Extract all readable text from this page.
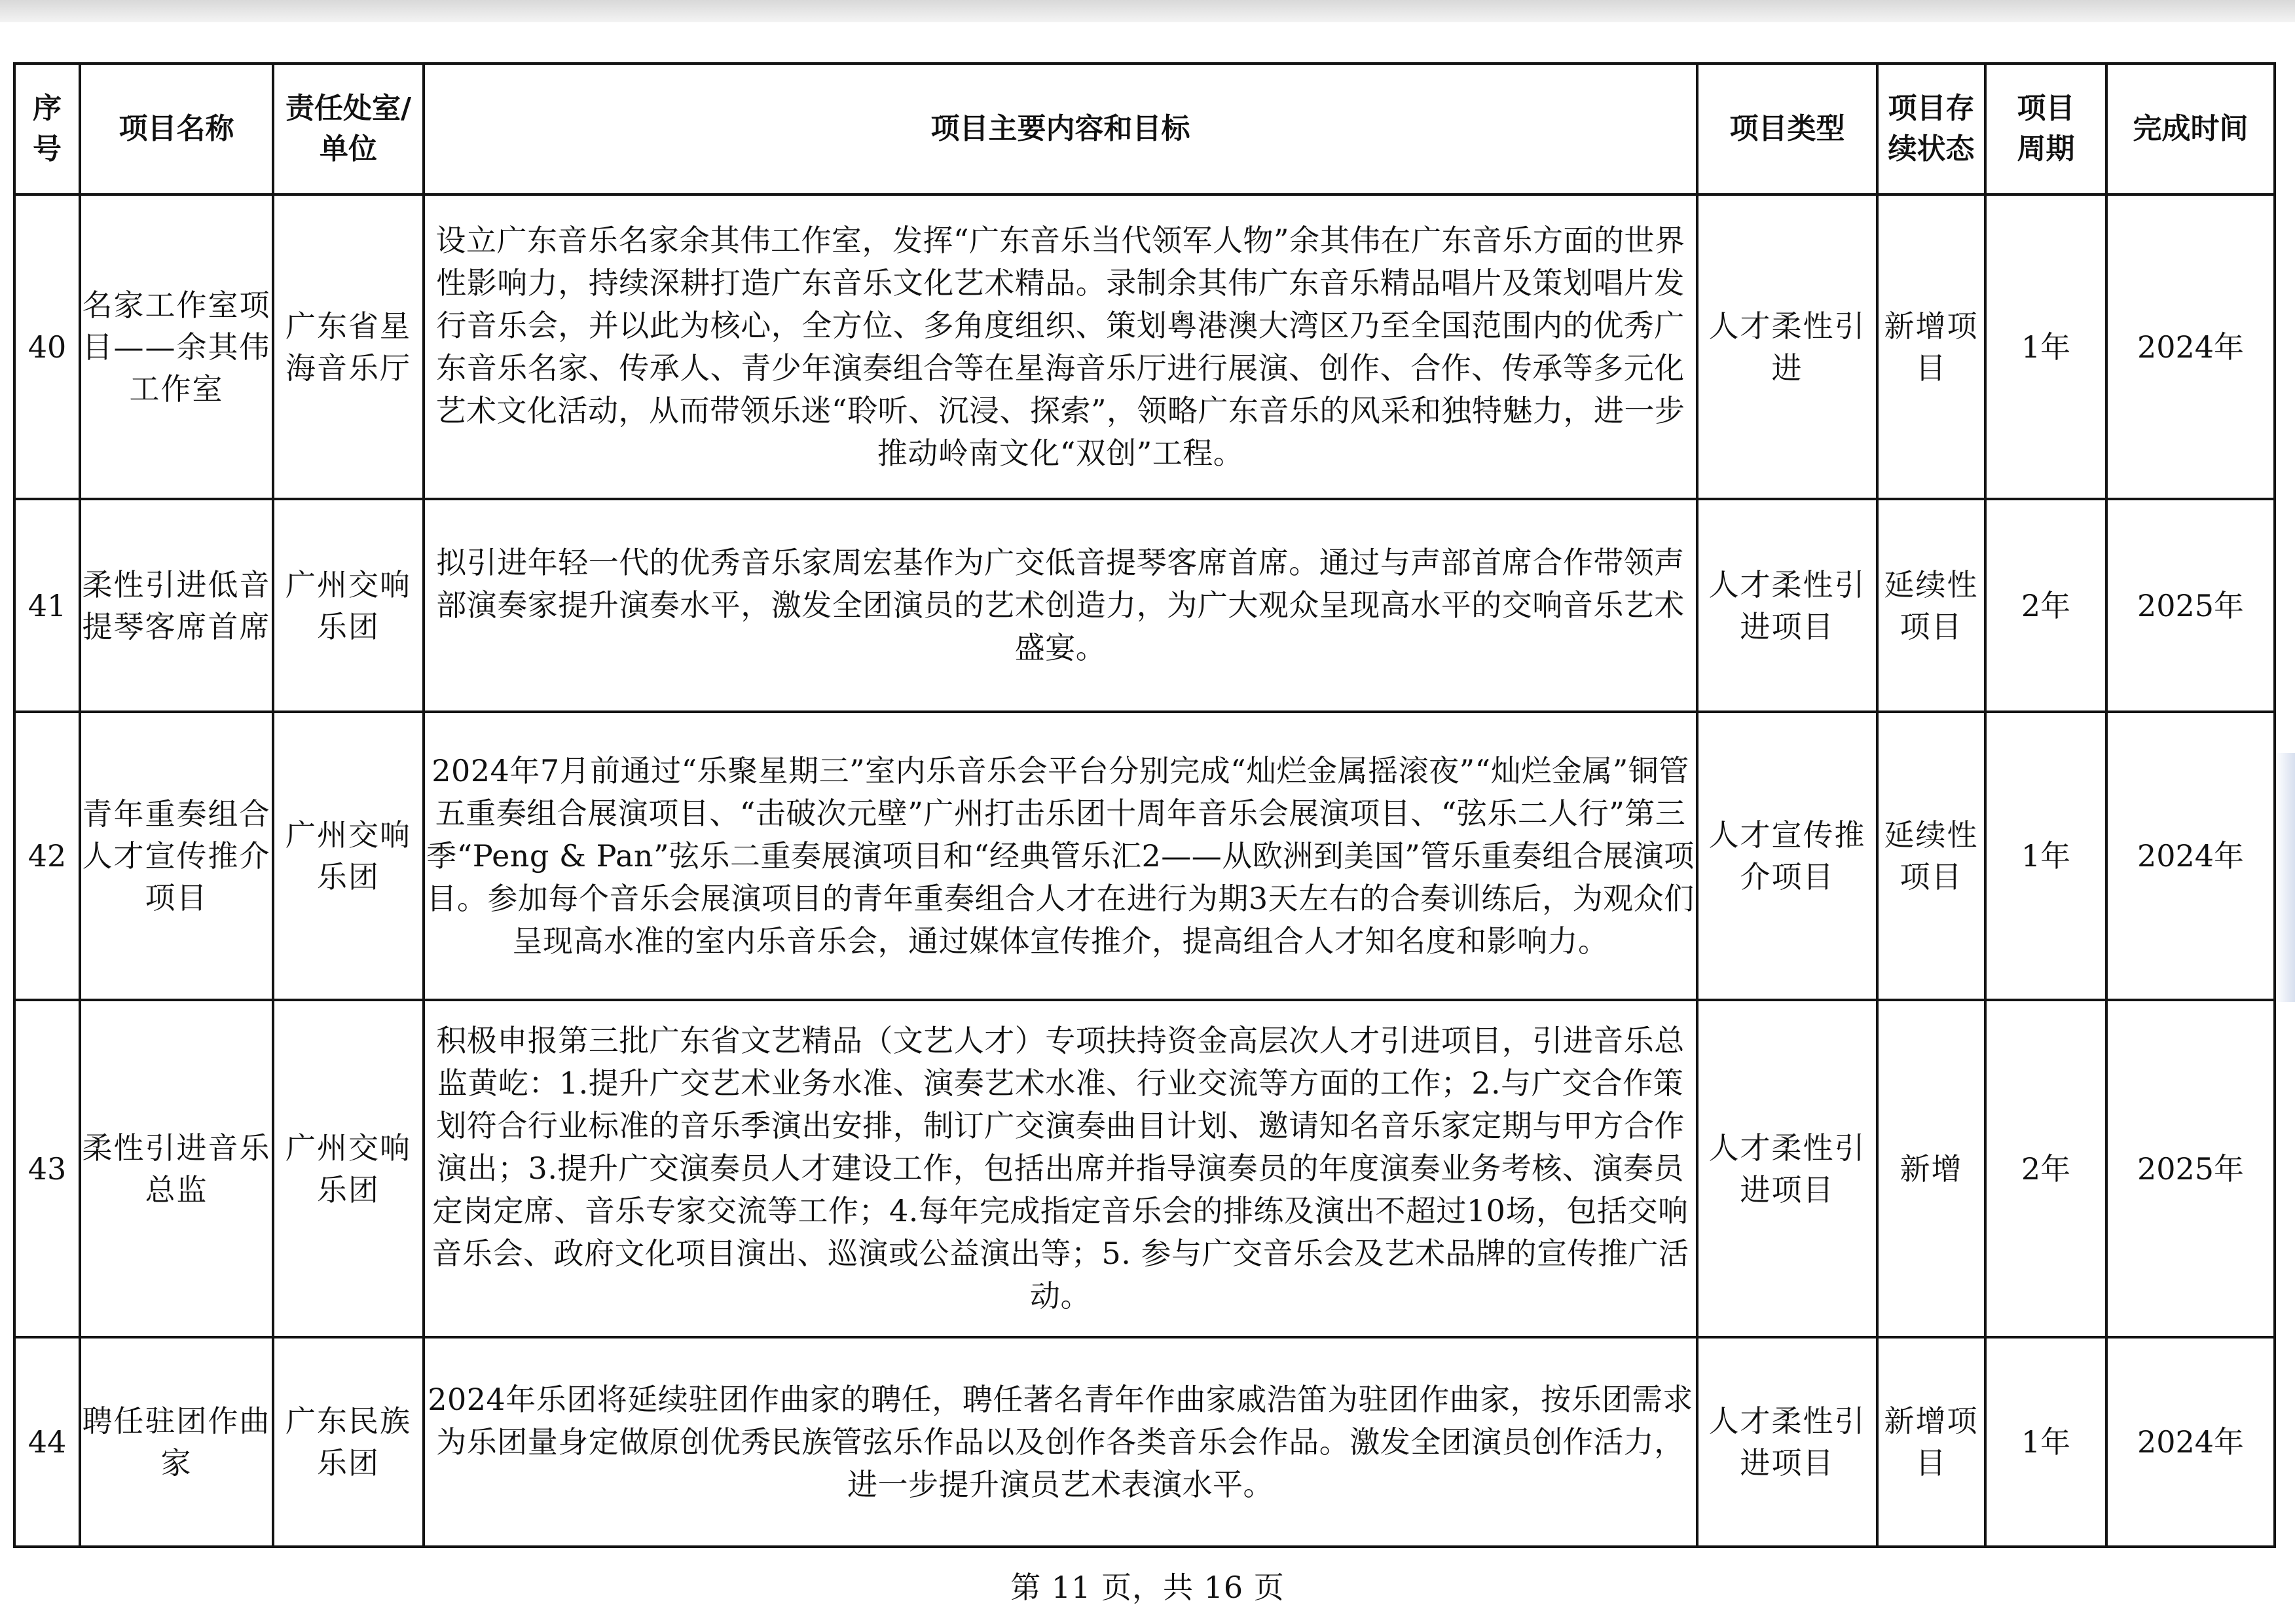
序号	项目名称	责任处室/单位	项目主要内容和目标	项目类型	项目存续状态	项目周期	完成时间
40	名家工作室项目——余其伟工作室	广东省星海音乐厅	设立广东音乐名家余其伟工作室，发挥“广东音乐当代领军人物”余其伟在广东音乐方面的世界性影响力，持续深耕打造广东音乐文化艺术精品。录制余其伟广东音乐精品唱片及策划唱片发行音乐会，并以此为核心，全方位、多角度组织、策划粤港澳大湾区乃至全国范围内的优秀广东音乐名家、传承人、青少年演奏组合等在星海音乐厅进行展演、创作、合作、传承等多元化艺术文化活动，从而带领乐迷“聆听、沉浸、探索”，领略广东音乐的风采和独特魅力，进一步推动岭南文化“双创”工程。	人才柔性引进	新增项目	1年	2024年
41	柔性引进低音提琴客席首席	广州交响乐团	拟引进年轻一代的优秀音乐家周宏基作为广交低音提琴客席首席。通过与声部首席合作带领声部演奏家提升演奏水平，激发全团演员的艺术创造力，为广大观众呈现高水平的交响音乐艺术盛宴。	人才柔性引进项目	延续性项目	2年	2025年
42	青年重奏组合人才宣传推介项目	广州交响乐团	2024年7月前通过“乐聚星期三”室内乐音乐会平台分别完成“灿烂金属摇滚夜”“灿烂金属”铜管五重奏组合展演项目、“击破次元壁”广州打击乐团十周年音乐会展演项目、“弦乐二人行”第三季“Peng & Pan”弦乐二重奏展演项目和“经典管乐汇2——从欧洲到美国”管乐重奏组合展演项目。参加每个音乐会展演项目的青年重奏组合人才在进行为期3天左右的合奏训练后，为观众们呈现高水准的室内乐音乐会，通过媒体宣传推介，提高组合人才知名度和影响力。	人才宣传推介项目	延续性项目	1年	2024年
43	柔性引进音乐总监	广州交响乐团	积极申报第三批广东省文艺精品（文艺人才）专项扶持资金高层次人才引进项目，引进音乐总监黄屹：1.提升广交艺术业务水准、演奏艺术水准、行业交流等方面的工作；2.与广交合作策划符合行业标准的音乐季演出安排，制订广交演奏曲目计划、邀请知名音乐家定期与甲方合作演出；3.提升广交演奏员人才建设工作，包括出席并指导演奏员的年度演奏业务考核、演奏员定岗定席、音乐专家交流等工作；4.每年完成指定音乐会的排练及演出不超过10场，包括交响音乐会、政府文化项目演出、巡演或公益演出等；5. 参与广交音乐会及艺术品牌的宣传推广活动。	人才柔性引进项目	新增	2年	2025年
44	聘任驻团作曲家	广东民族乐团	2024年乐团将延续驻团作曲家的聘任，聘任著名青年作曲家戚浩笛为驻团作曲家，按乐团需求为乐团量身定做原创优秀民族管弦乐作品以及创作各类音乐会作品。激发全团演员创作活力，进一步提升演员艺术表演水平。	人才柔性引进项目	新增项目	1年	2024年
第 11 页，共 16 页
